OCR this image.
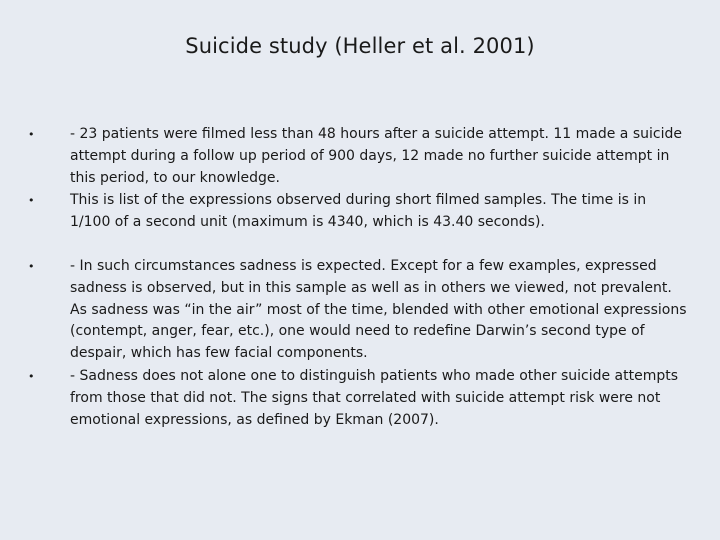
Suicide study (Heller et al. 2001)
•	- 23 patients were filmed less than 48 hours after a suicide attempt. 11 made a suicide attempt during a follow up period of 900 days, 12 made no further suicide attempt in this period, to our knowledge.
•	This is list of the expressions observed during short filmed samples. The time is in 1/100 of a second unit (maximum is 4340, which is 43.40 seconds).
•	- In such circumstances sadness is expected. Except for a few examples, expressed sadness is observed, but in this sample as well as in others we viewed, not prevalent. As sadness was “in the air” most of the time, blended with other emotional expressions (contempt, anger, fear, etc.), one would need to redefine Darwin’s second type of despair, which has few facial components.
•	- Sadness does not alone one to distinguish patients who made other suicide attempts from those that did not. The signs that correlated with suicide attempt risk were not emotional expressions, as defined by Ekman (2007).
